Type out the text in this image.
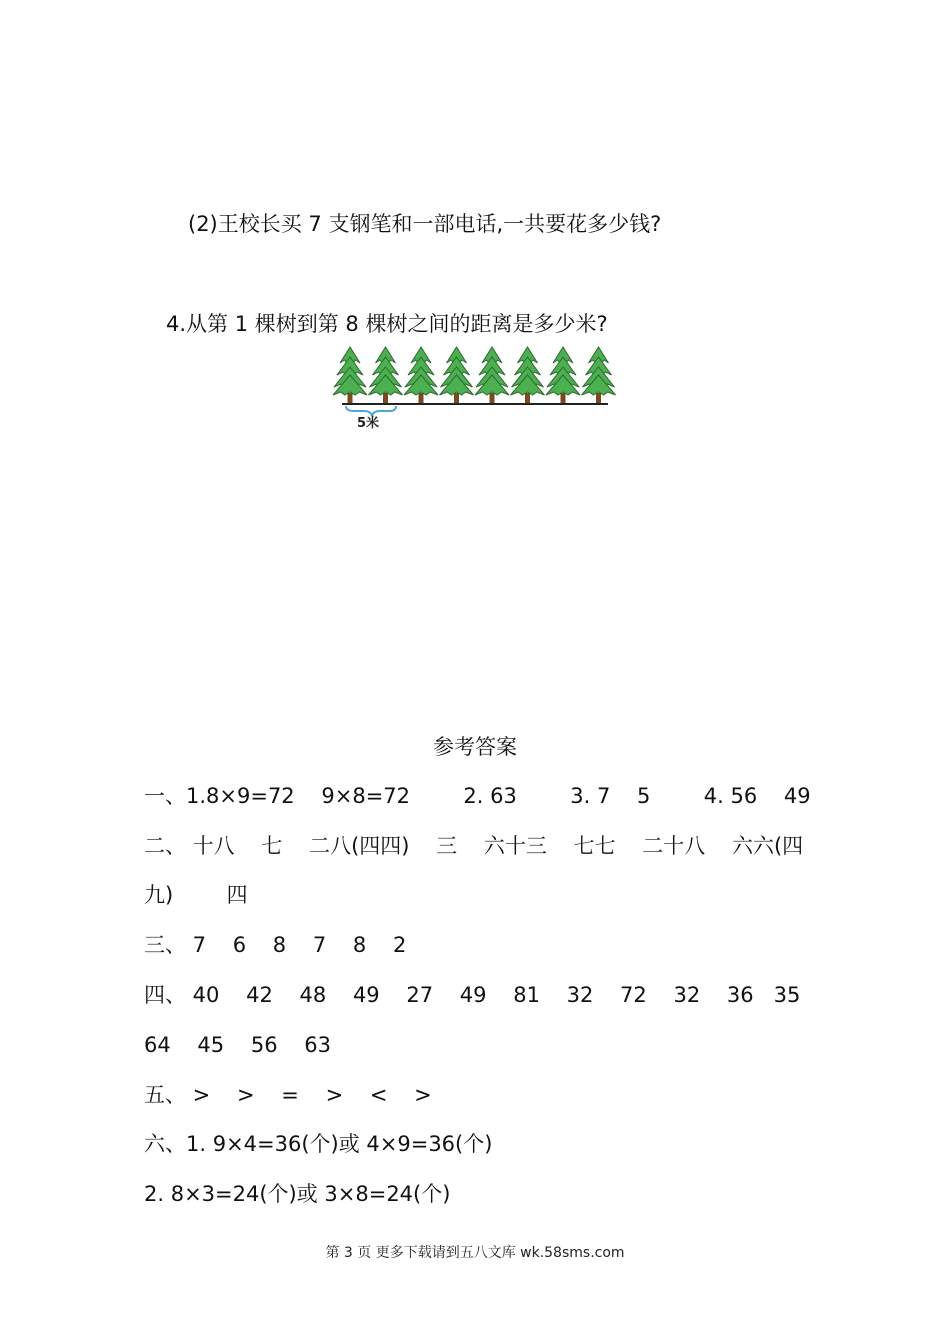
(2)王校长买 7 支钢笔和一部电话,一共要花多少钱?
4.从第 1 棵树到第 8 棵树之间的距离是多少米?
5米
参考答案
一、1.8×9=72    9×8=72        2. 63        3. 7    5        4. 56    49
二、 十八    七    二八(四四)    三    六十三    七七    二十八    六六(四
九)        四
三、 7    6    8    7    8    2
四、 40    42    48    49    27    49    81    32    72    32    36   35
64    45    56    63
五、 >    >    =    >    <    >
六、1. 9×4=36(个)或 4×9=36(个)
2. 8×3=24(个)或 3×8=24(个)
第 3 页 更多下载请到五八文库 wk.58sms.com
